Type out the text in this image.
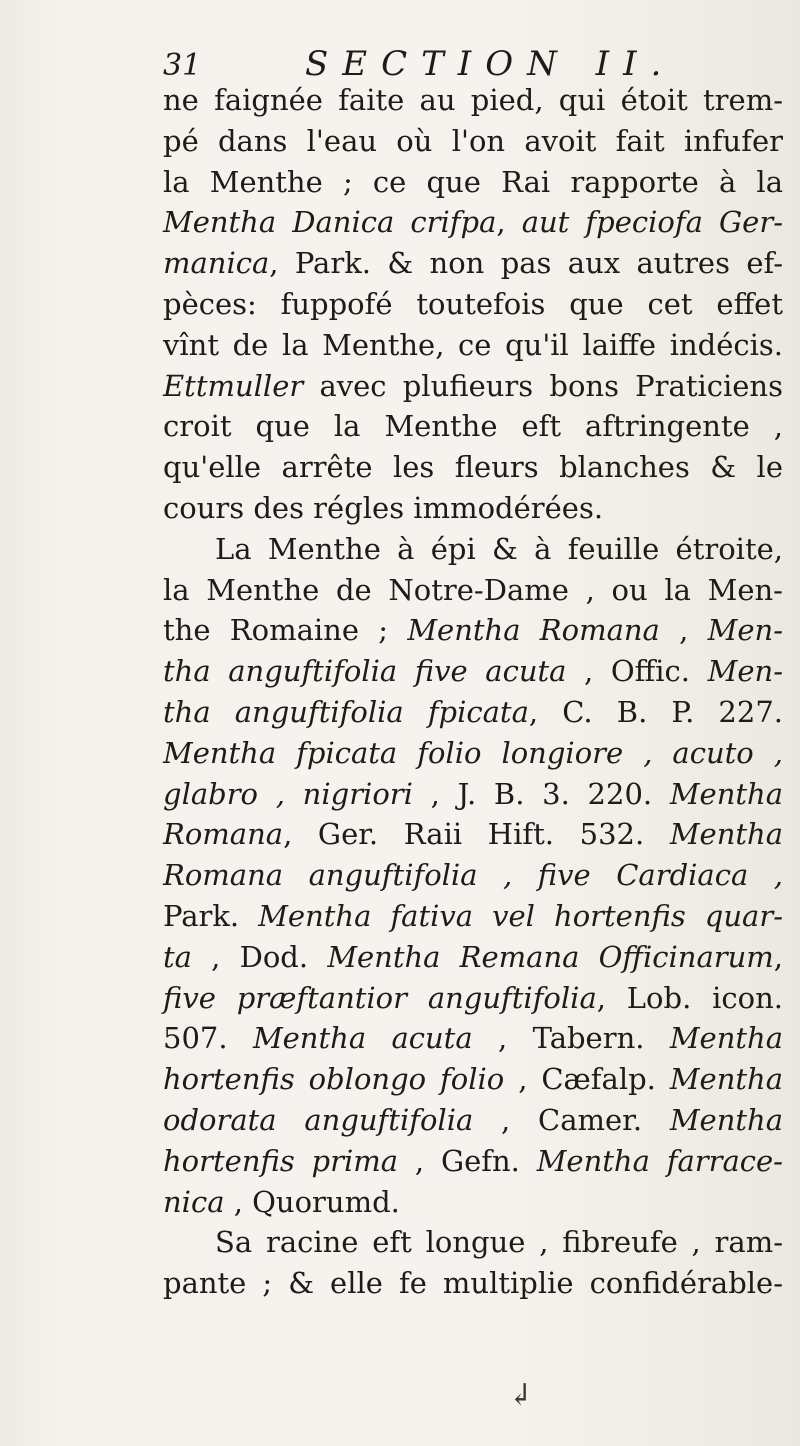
31	SECTION II.
ne faignée faite au pied, qui étoit trem-
pé dans l'eau où l'on avoit fait infufer
la Menthe ; ce que Rai rapporte à la
Mentha Danica crifpa, aut fpeciofa Ger-
manica, Park. & non pas aux autres ef-
pèces: fuppofé toutefois que cet effet
vînt de la Menthe, ce qu'il laiffe indécis.
Ettmuller avec plufieurs bons Praticiens
croit que la Menthe eft aftringente ,
qu'elle arrête les fleurs blanches & le
cours des régles immodérées.
La Menthe à épi & à feuille étroite,
la Menthe de Notre-Dame , ou la Men-
the Romaine ; Mentha Romana , Men-
tha anguftifolia five acuta , Offic. Men-
tha anguftifolia fpicata, C. B. P. 227.
Mentha fpicata folio longiore , acuto ,
glabro , nigriori , J. B. 3. 220. Mentha
Romana, Ger. Raii Hift. 532. Mentha
Romana anguftifolia , five Cardiaca ,
Park. Mentha fativa vel hortenfis quar-
ta , Dod. Mentha Remana Officinarum,
five præftantior anguftifolia, Lob. icon.
507. Mentha acuta , Tabern. Mentha
hortenfis oblongo folio , Cæfalp. Mentha
odorata anguftifolia , Camer. Mentha
hortenfis prima , Gefn. Mentha farrace-
nica , Quorumd.
Sa racine eft longue , fibreufe , ram-
pante ; & elle fe multiplie confidérable-
↲
